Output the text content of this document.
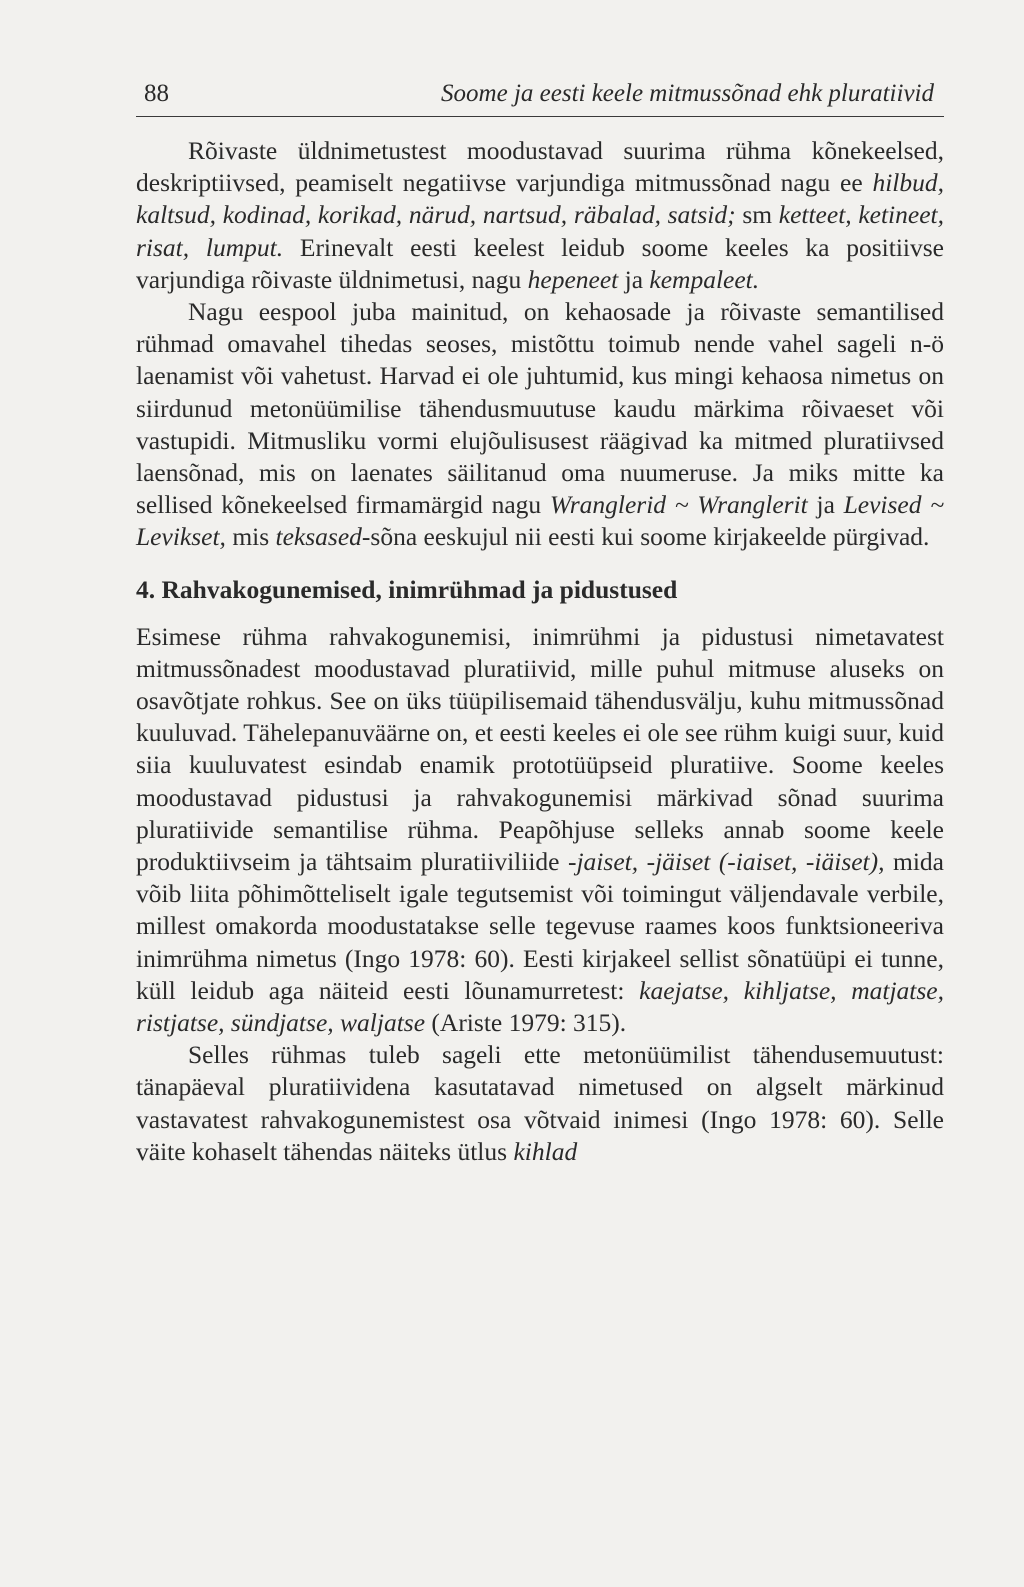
88	Soome ja eesti keele mitmussõnad ehk pluratiivid

Rõivaste üldnimetustest moodustavad suurima rühma kõnekeelsed, deskriptiivsed, peamiselt negatiivse varjundiga mitmussõnad nagu ee hilbud, kaltsud, kodinad, korikad, närud, nartsud, räbalad, satsid; sm ketteet, ketineet, risat, lumput. Erinevalt eesti keelest leidub soome keeles ka positiivse varjundiga rõivaste üldnimetusi, nagu hepeneet ja kempaleet.

Nagu eespool juba mainitud, on kehaosade ja rõivaste semantilised rühmad omavahel tihedas seoses, mistõttu toimub nende vahel sageli n-ö laenamist või vahetust. Harvad ei ole juhtumid, kus mingi kehaosa nimetus on siirdunud metonüümilise tähendusmuutuse kaudu märkima rõivaeset või vastupidi. Mitmusliku vormi elujõulisusest räägivad ka mitmed pluratiivsed laensõnad, mis on laenates säilitanud oma nuumeruse. Ja miks mitte ka sellised kõnekeelsed firmamärgid nagu Wranglerid ~ Wranglerit ja Levised ~ Levikset, mis teksased-sõna eeskujul nii eesti kui soome kirjakeelde pürgivad.

4. Rahvakogunemised, inimrühmad ja pidustused

Esimese rühma rahvakogunemisi, inimrühmi ja pidustusi nimetavatest mitmussõnadest moodustavad pluratiivid, mille puhul mitmuse aluseks on osavõtjate rohkus. See on üks tüüpilisemaid tähendusvälju, kuhu mitmussõnad kuuluvad. Tähelepanuväärne on, et eesti keeles ei ole see rühm kuigi suur, kuid siia kuuluvatest esindab enamik prototüüpseid pluratiive. Soome keeles moodustavad pidustusi ja rahvakogunemisi märkivad sõnad suurima pluratiivide semantilise rühma. Peapõhjuse selleks annab soome keele produktiivseim ja tähtsaim pluratiiviliide -jaiset, -jäiset (-iaiset, -iäiset), mida võib liita põhimõtteliselt igale tegutsemist või toimingut väljendavale verbile, millest omakorda moodustatakse selle tegevuse raames koos funktsioneeriva inimrühma nimetus (Ingo 1978: 60). Eesti kirjakeel sellist sõnatüüpi ei tunne, küll leidub aga näiteid eesti lõunamurretest: kaejatse, kihljatse, matjatse, ristjatse, sündjatse, waljatse (Ariste 1979: 315).

Selles rühmas tuleb sageli ette metonüümilist tähendusemuutust: tänapäeval pluratiividena kasutatavad nimetused on algselt märkinud vastavatest rahvakogunemistest osa võtvaid inimesi (Ingo 1978: 60). Selle väite kohaselt tähendas näiteks ütlus kihlad
